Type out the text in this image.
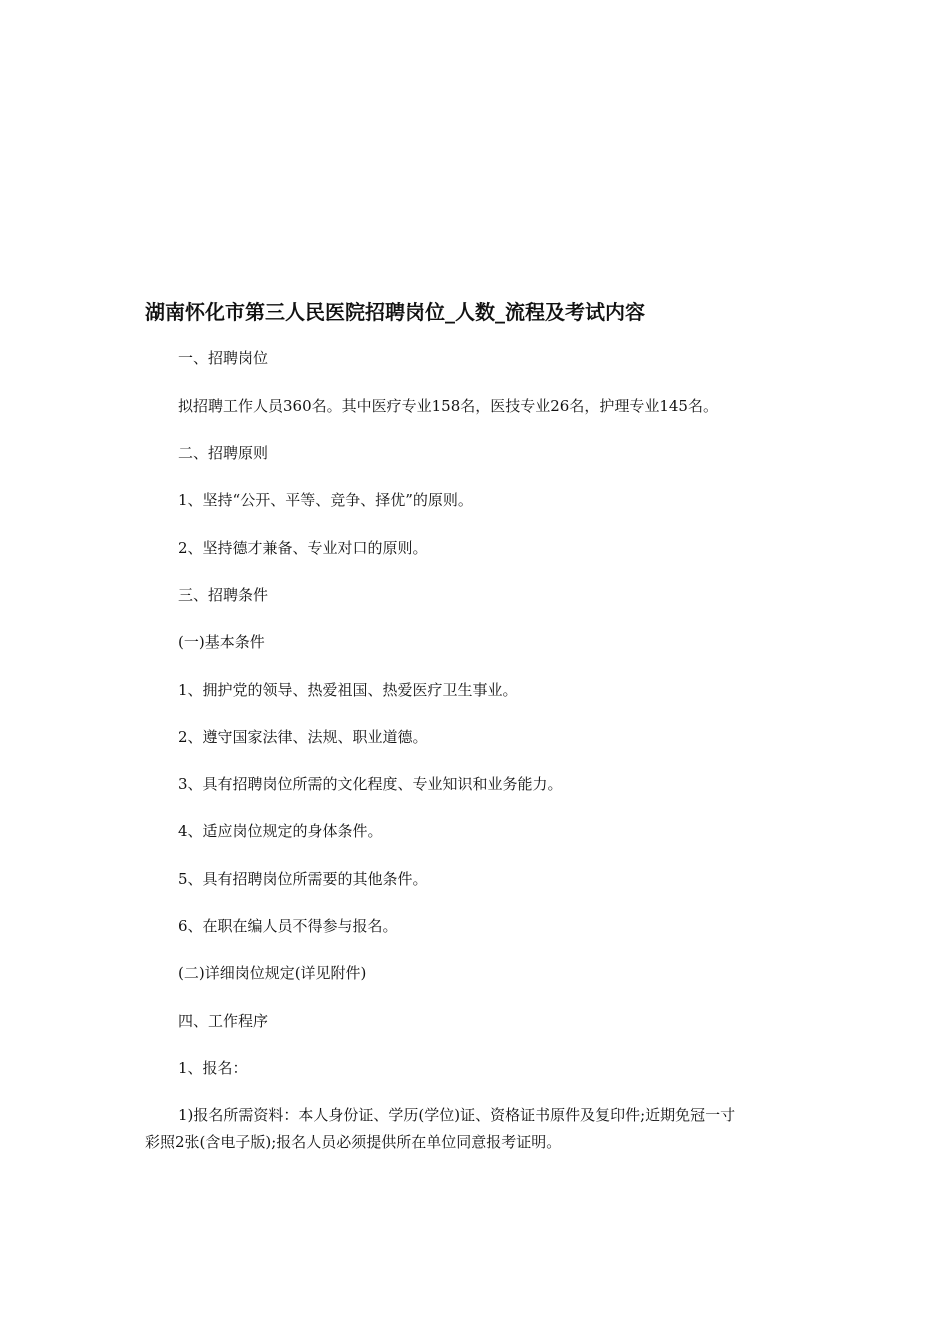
湖南怀化市第三人民医院招聘岗位_人数_流程及考试内容
一、招聘岗位
拟招聘工作人员360名。其中医疗专业158名，医技专业26名，护理专业145名。
二、招聘原则
1、坚持“公开、平等、竞争、择优”的原则。
2、坚持德才兼备、专业对口的原则。
三、招聘条件
(一)基本条件
1、拥护党的领导、热爱祖国、热爱医疗卫生事业。
2、遵守国家法律、法规、职业道德。
3、具有招聘岗位所需的文化程度、专业知识和业务能力。
4、适应岗位规定的身体条件。
5、具有招聘岗位所需要的其他条件。
6、在职在编人员不得参与报名。
(二)详细岗位规定(详见附件)
四、工作程序
1、报名：
1)报名所需资料：本人身份证、学历(学位)证、资格证书原件及复印件;近期免冠一寸
彩照2张(含电子版);报名人员必须提供所在单位同意报考证明。
